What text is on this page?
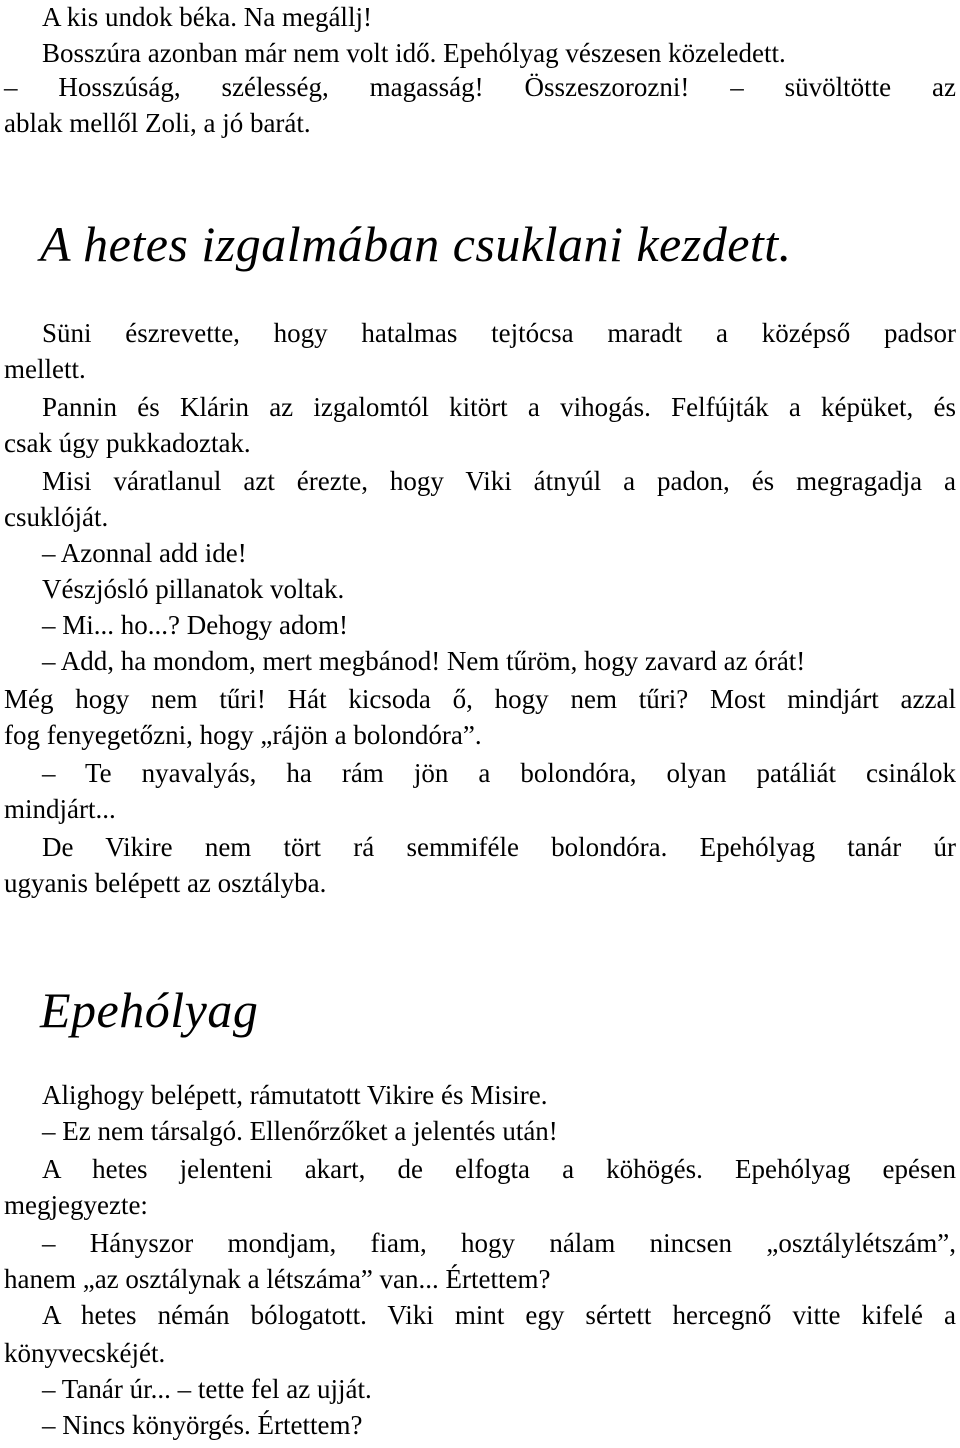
A kis undok béka. Na megállj!
Bosszúra azonban már nem volt idő. Epehólyag vészesen közeledett.
– Hosszúság, szélesség, magasság! Összeszorozni! – süvöltötte az
ablak mellől Zoli, a jó barát.
A hetes izgalmában csuklani kezdett.
Süni észrevette, hogy hatalmas tejtócsa maradt a középső padsor
mellett.
Pannin és Klárin az izgalomtól kitört a vihogás. Felfújták a képüket, és
csak úgy pukkadoztak.
Misi váratlanul azt érezte, hogy Viki átnyúl a padon, és megragadja a
csuklóját.
– Azonnal add ide!
Vészjósló pillanatok voltak.
– Mi... ho...? Dehogy adom!
– Add, ha mondom, mert megbánod! Nem tűröm, hogy zavard az órát!
Még hogy nem tűri! Hát kicsoda ő, hogy nem tűri? Most mindjárt azzal
fog fenyegetőzni, hogy „rájön a bolondóra”.
– Te nyavalyás, ha rám jön a bolondóra, olyan patáliát csinálok
mindjárt...
De Vikire nem tört rá semmiféle bolondóra. Epehólyag tanár úr
ugyanis belépett az osztályba.
Epehólyag
Alighogy belépett, rámutatott Vikire és Misire.
– Ez nem társalgó. Ellenőrzőket a jelentés után!
A hetes jelenteni akart, de elfogta a köhögés. Epehólyag epésen
megjegyezte:
– Hányszor mondjam, fiam, hogy nálam nincsen „osztálylétszám”,
hanem „az osztálynak a létszáma” van... Értettem?
A hetes némán bólogatott. Viki mint egy sértett hercegnő vitte kifelé a
könyvecskéjét.
– Tanár úr... – tette fel az ujját.
– Nincs könyörgés. Értettem?
